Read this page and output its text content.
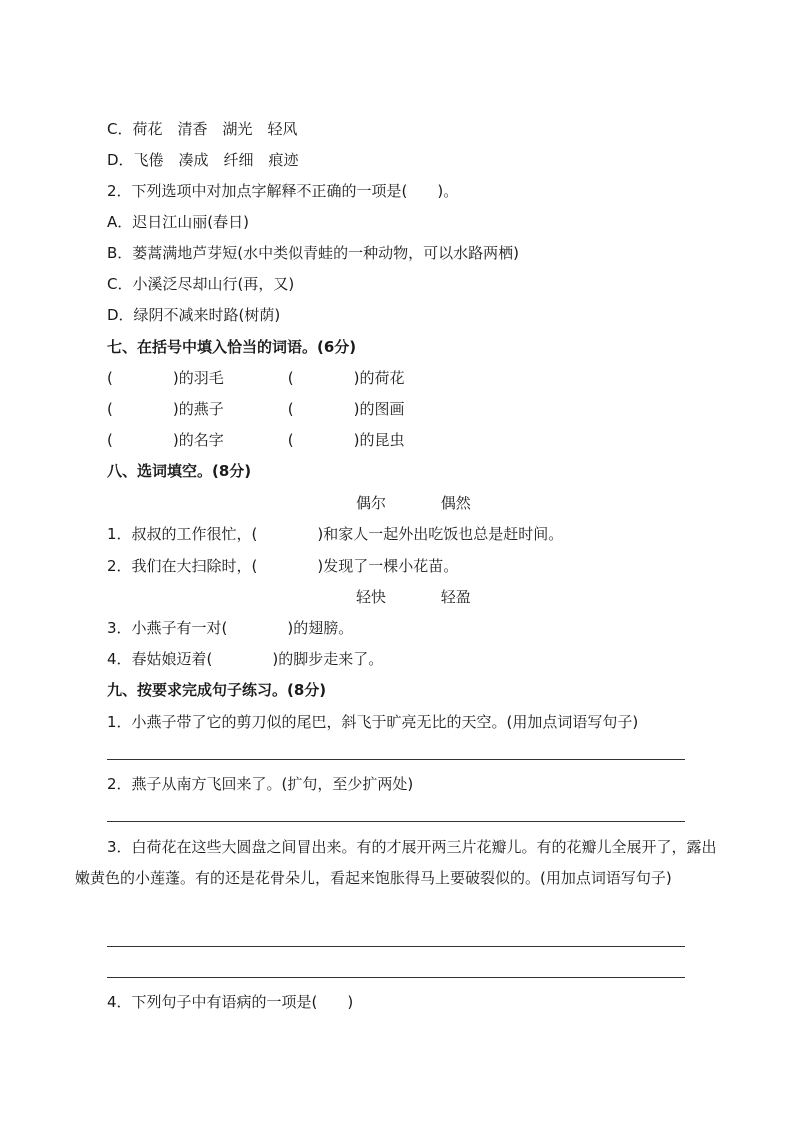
C．荷花　清香　湖光　轻风
D．飞倦　凑成　纤细　痕迹
2．下列选项中对加点字解释不正确的一项是(　　)。
A．迟日江山丽(春日)
B．蒌蒿满地芦芽短(水中类似青蛙的一种动物，可以水路两栖)
C．小溪泛尽却山行(再，又)
D．绿阴不减来时路(树荫)
七、在括号中填入恰当的词语。(6分)
(　　　　)的羽毛	(　　　　)的荷花
(　　　　)的燕子	(　　　　)的图画
(　　　　)的名字	(　　　　)的昆虫
八、选词填空。(8分)
偶尔	偶然
1．叔叔的工作很忙，(　　　　)和家人一起外出吃饭也总是赶时间。
2．我们在大扫除时，(　　　　)发现了一棵小花苗。
轻快	轻盈
3．小燕子有一对(　　　　)的翅膀。
4．春姑娘迈着(　　　　)的脚步走来了。
九、按要求完成句子练习。(8分)
1．小燕子带了它的剪刀似的尾巴，斜飞于旷亮无比的天空。(用加点词语写句子)
2．燕子从南方飞回来了。(扩句，至少扩两处)
3．白荷花在这些大圆盘之间冒出来。有的才展开两三片花瓣儿。有的花瓣儿全展开了，露出嫩黄色的小莲蓬。有的还是花骨朵儿，看起来饱胀得马上要破裂似的。(用加点词语写句子)
4．下列句子中有语病的一项是(　　)
